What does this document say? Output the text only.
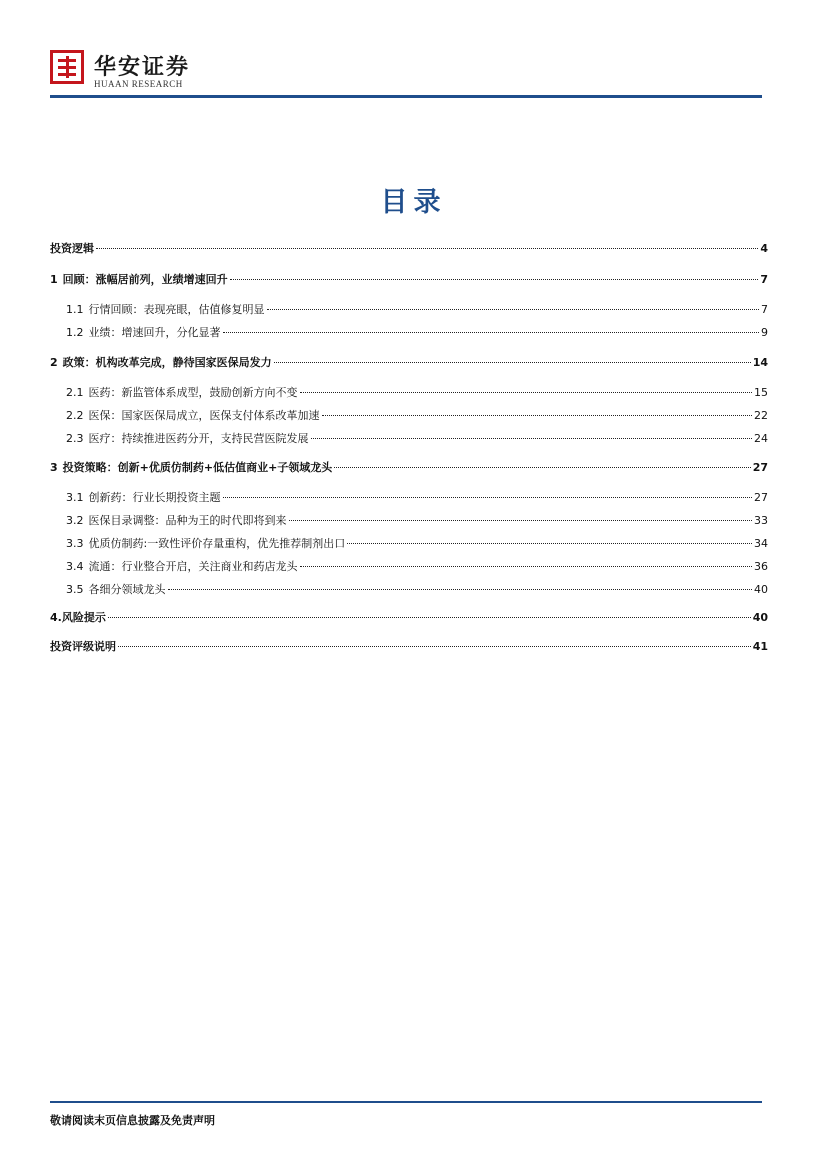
华安证券
HUAAN RESEARCH
目录
投资逻辑	4
1 回顾：涨幅居前列，业绩增速回升	7
1.1 行情回顾：表现亮眼，估值修复明显	7
1.2 业绩：增速回升，分化显著	9
2 政策：机构改革完成，静待国家医保局发力	14
2.1 医药：新监管体系成型，鼓励创新方向不变	15
2.2 医保：国家医保局成立，医保支付体系改革加速	22
2.3 医疗：持续推进医药分开，支持民营医院发展	24
3 投资策略：创新+优质仿制药+低估值商业+子领域龙头	27
3.1 创新药：行业长期投资主题	27
3.2 医保目录调整：品种为王的时代即将到来	33
3.3 优质仿制药:一致性评价存量重构，优先推荐制剂出口	34
3.4 流通：行业整合开启，关注商业和药店龙头	36
3.5 各细分领域龙头	40
4.风险提示	40
投资评级说明	41
敬请阅读末页信息披露及免责声明
